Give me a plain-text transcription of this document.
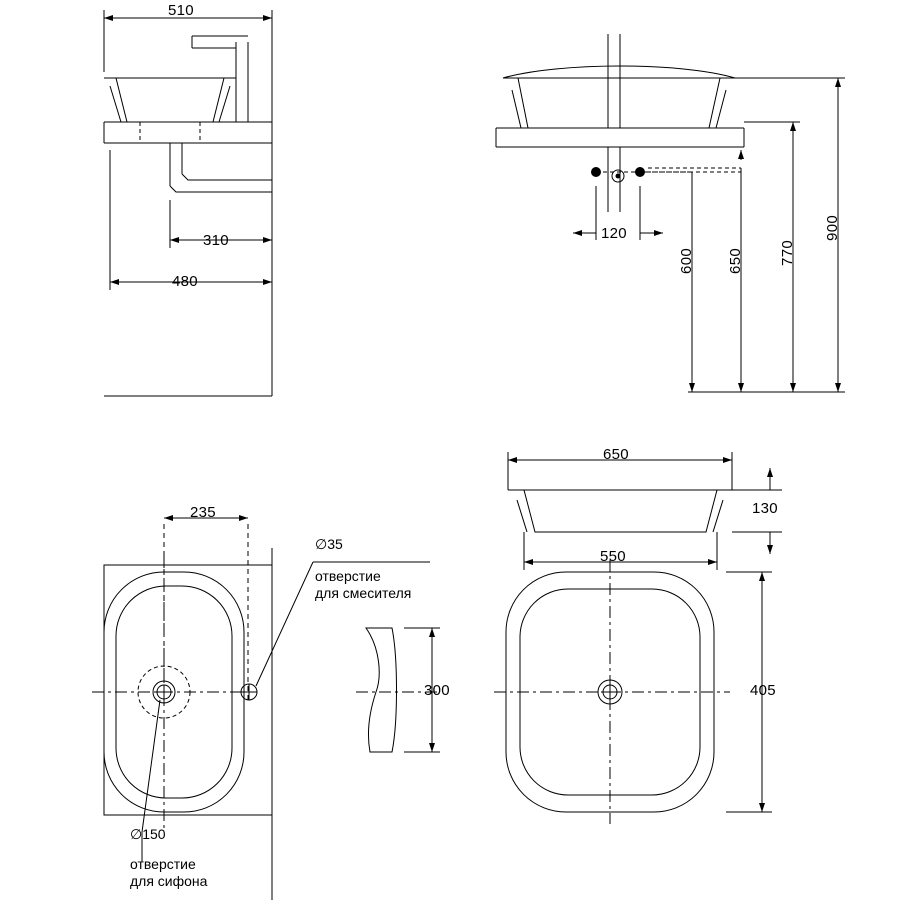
510
310
480
120
600 650 770
900
235
650
550
130
300	405
∅35
отверстие
для смесителя
∅150
отверстие
для сифона
